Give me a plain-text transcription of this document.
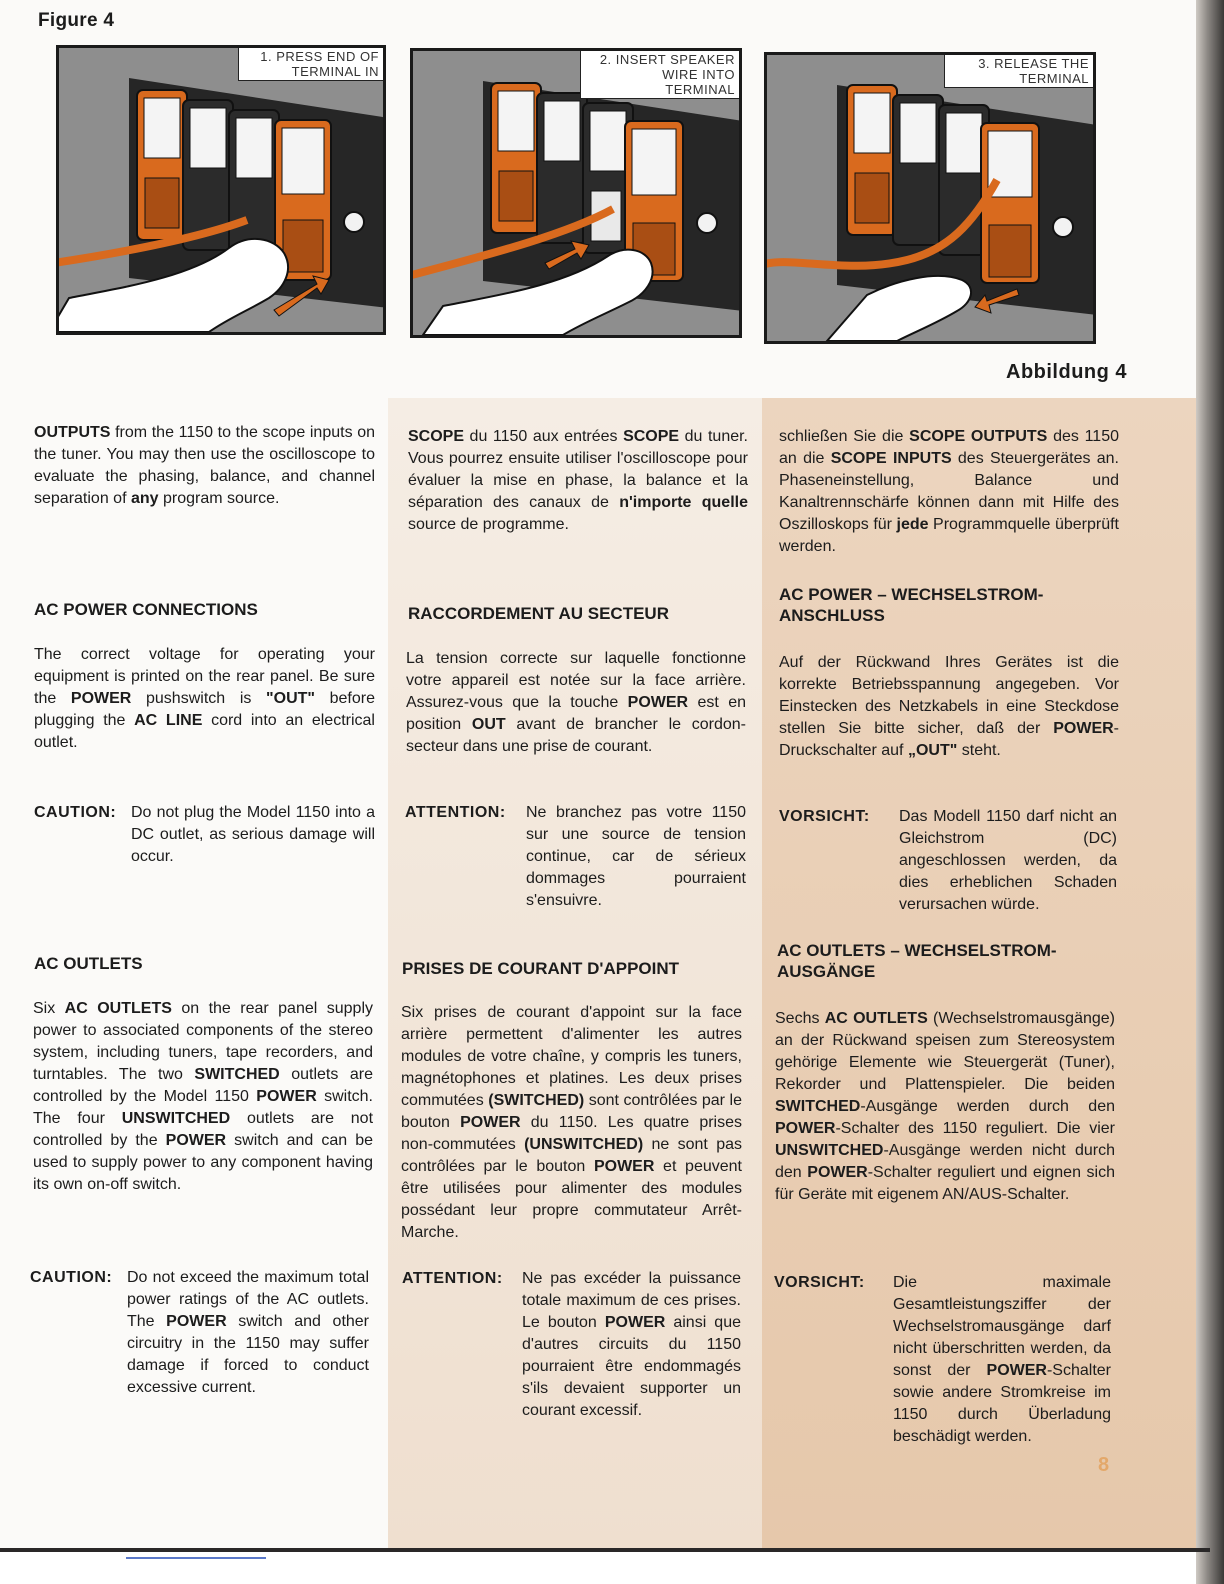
Figure 4
Abbildung 4
1. PRESS END OF
TERMINAL IN
2. INSERT SPEAKER
WIRE INTO
TERMINAL
3. RELEASE THE
TERMINAL
OUTPUTS from the 1150 to the scope inputs on the tuner. You may then use the oscilloscope to evaluate the phasing, balance, and channel separation of any program source.
AC POWER CONNECTIONS
The correct voltage for operating your equipment is printed on the rear panel. Be sure the POWER pushswitch is "OUT" before plugging the AC LINE cord into an electrical outlet.
CAUTION: Do not plug the Model 1150 into a DC outlet, as serious damage will occur.
AC OUTLETS
Six AC OUTLETS on the rear panel supply power to associated components of the stereo system, including tuners, tape recorders, and turntables. The two SWITCHED outlets are controlled by the Model 1150 POWER switch. The four UNSWITCHED outlets are not controlled by the POWER switch and can be used to supply power to any component having its own on-off switch.
CAUTION: Do not exceed the maximum total power ratings of the AC outlets. The POWER switch and other circuitry in the 1150 may suffer damage if forced to conduct excessive current.
SCOPE du 1150 aux entrées SCOPE du tuner. Vous pourrez ensuite utiliser l'oscilloscope pour évaluer la mise en phase, la balance et la séparation des canaux de n'importe quelle source de programme.
RACCORDEMENT AU SECTEUR
La tension correcte sur laquelle fonctionne votre appareil est notée sur la face arrière. Assurez-vous que la touche POWER est en position OUT avant de brancher le cordon-secteur dans une prise de courant.
ATTENTION: Ne branchez pas votre 1150 sur une source de tension continue, car de sérieux dommages pourraient s'ensuivre.
PRISES DE COURANT D'APPOINT
Six prises de courant d'appoint sur la face arrière permettent d'alimenter les autres modules de votre chaîne, y compris les tuners, magnétophones et platines. Les deux prises commutées (SWITCHED) sont contrôlées par le bouton POWER du 1150. Les quatre prises non-commutées (UNSWITCHED) ne sont pas contrôlées par le bouton POWER et peuvent être utilisées pour alimenter des modules possédant leur propre commutateur Arrêt-Marche.
ATTENTION: Ne pas excéder la puissance totale maximum de ces prises. Le bouton POWER ainsi que d'autres circuits du 1150 pourraient être endommagés s'ils devaient supporter un courant excessif.
schließen Sie die SCOPE OUTPUTS des 1150 an die SCOPE INPUTS des Steuergerätes an. Phaseneinstellung, Balance und Kanaltrennschärfe können dann mit Hilfe des Oszilloskops für jede Programmquelle überprüft werden.
AC POWER – WECHSELSTROM-ANSCHLUSS
Auf der Rückwand Ihres Gerätes ist die korrekte Betriebsspannung angegeben. Vor Einstecken des Netzkabels in eine Steckdose stellen Sie bitte sicher, daß der POWER-Druckschalter auf „OUT" steht.
VORSICHT: Das Modell 1150 darf nicht an Gleichstrom (DC) angeschlossen werden, da dies erheblichen Schaden verursachen würde.
AC OUTLETS – WECHSELSTROM-AUSGÄNGE
Sechs AC OUTLETS (Wechselstromausgänge) an der Rückwand speisen zum Stereosystem gehörige Elemente wie Steuergerät (Tuner), Rekorder und Plattenspieler. Die beiden SWITCHED-Ausgänge werden durch den POWER-Schalter des 1150 reguliert. Die vier UNSWITCHED-Ausgänge werden nicht durch den POWER-Schalter reguliert und eignen sich für Geräte mit eigenem AN/AUS-Schalter.
VORSICHT: Die maximale Gesamtleistungsziffer der Wechselstromausgänge darf nicht überschritten werden, da sonst der POWER-Schalter sowie andere Stromkreise im 1150 durch Überladung beschädigt werden.
8
